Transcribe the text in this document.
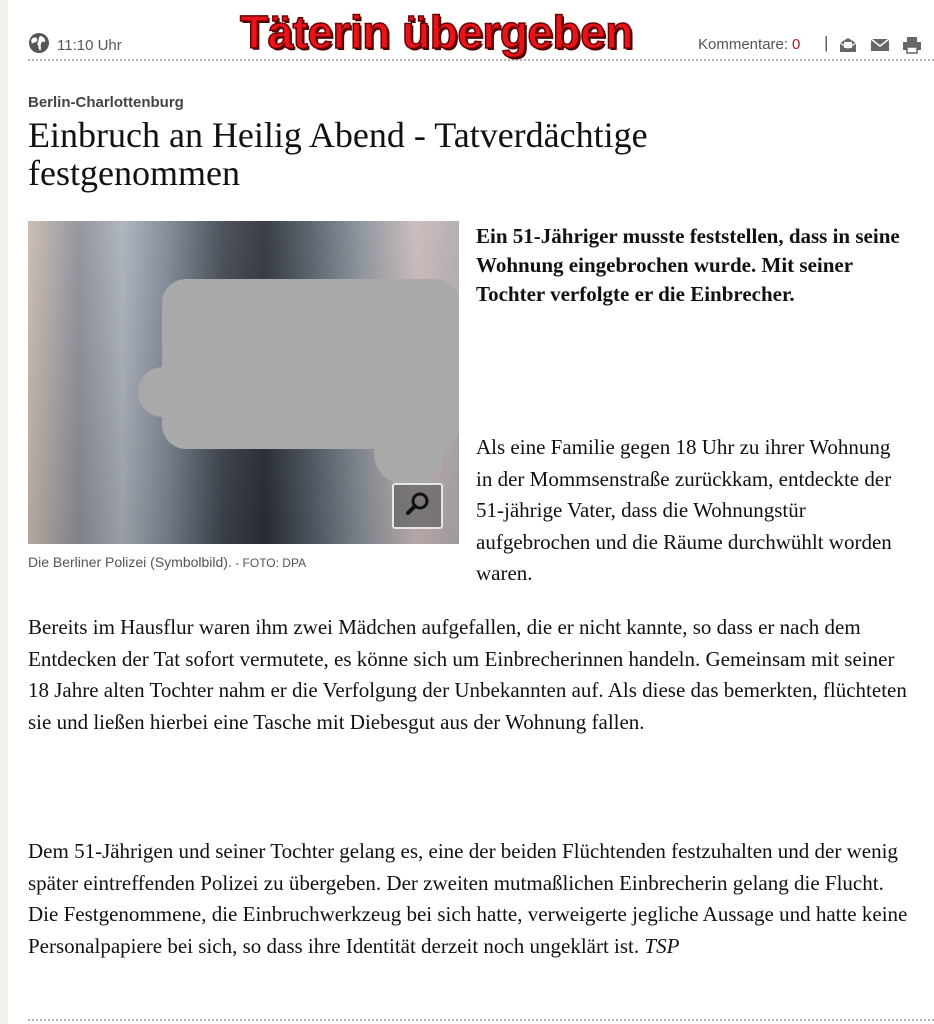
11:10 Uhr	Kommentare: 0 |
Täterin übergeben
Berlin-Charlottenburg
Einbruch an Heilig Abend - Tatverdächtige festgenommen
Die Berliner Polizei (Symbolbild). - FOTO: DPA

Ein 51-Jähriger musste feststellen, dass in seine Wohnung eingebrochen wurde. Mit seiner Tochter verfolgte er die Einbrecher.

Als eine Familie gegen 18 Uhr zu ihrer Wohnung in der Mommsenstraße zurückkam, entdeckte der 51-jährige Vater, dass die Wohnungstür aufgebrochen und die Räume durchwühlt worden waren.

Bereits im Hausflur waren ihm zwei Mädchen aufgefallen, die er nicht kannte, so dass er nach dem Entdecken der Tat sofort vermutete, es könne sich um Einbrecherinnen handeln. Gemeinsam mit seiner 18 Jahre alten Tochter nahm er die Verfolgung der Unbekannten auf. Als diese das bemerkten, flüchteten sie und ließen hierbei eine Tasche mit Diebesgut aus der Wohnung fallen.

Dem 51-Jährigen und seiner Tochter gelang es, eine der beiden Flüchtenden festzuhalten und der wenig später eintreffenden Polizei zu übergeben. Der zweiten mutmaßlichen Einbrecherin gelang die Flucht. Die Festgenommene, die Einbruchwerkzeug bei sich hatte, verweigerte jegliche Aussage und hatte keine Personalpapiere bei sich, so dass ihre Identität derzeit noch ungeklärt ist. TSP
